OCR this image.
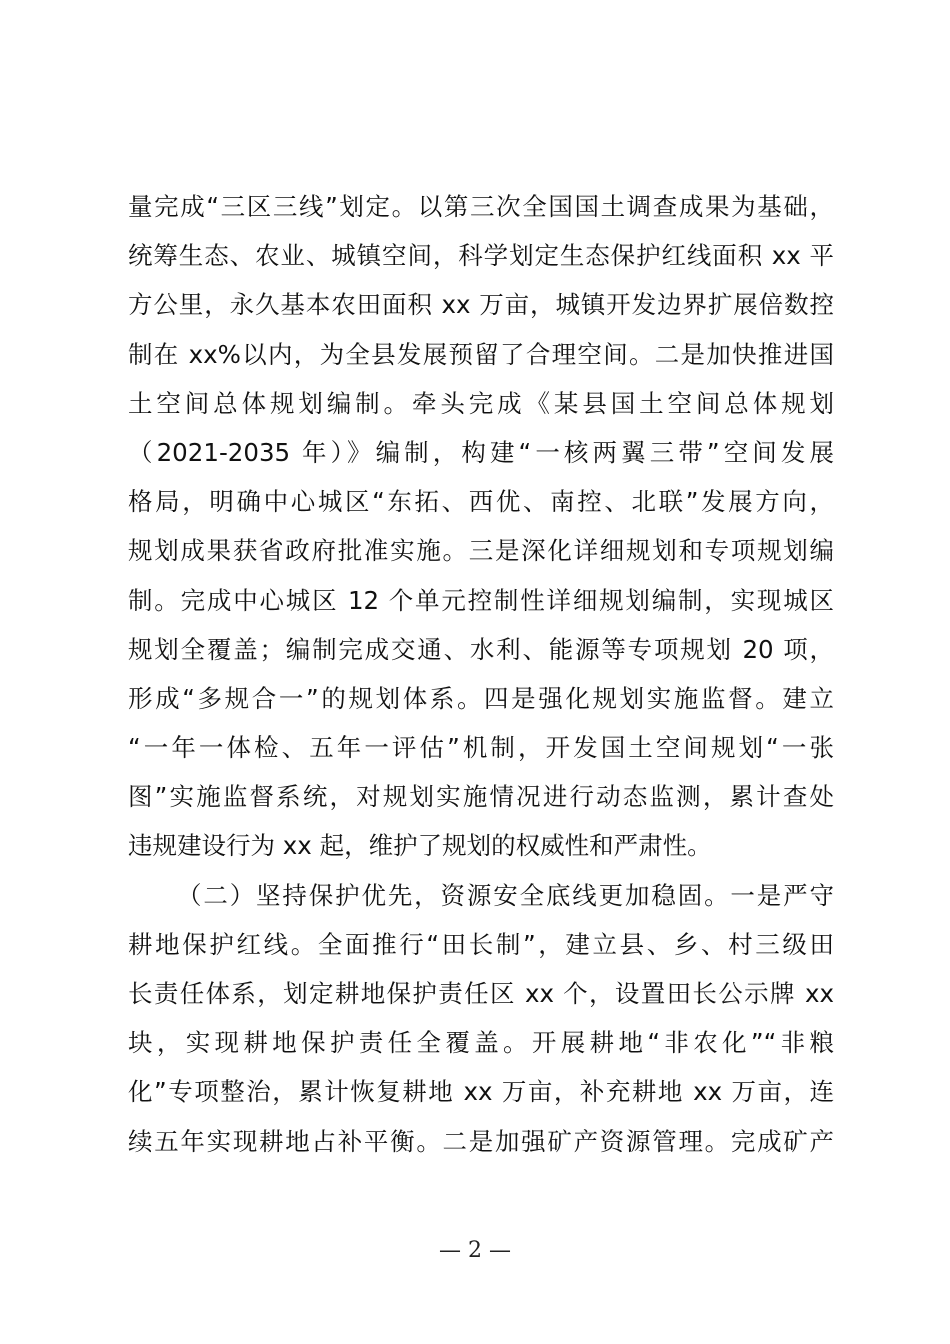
量完成“三区三线”划定。以第三次全国国土调查成果为基础，
统筹生态、农业、城镇空间，科学划定生态保护红线面积 xx 平
方公里，永久基本农田面积 xx 万亩，城镇开发边界扩展倍数控
制在 xx%以内，为全县发展预留了合理空间。二是加快推进国
土空间总体规划编制。牵头完成《某县国土空间总体规划
（2021-2035 年）》编制，构建“一核两翼三带”空间发展
格局，明确中心城区“东拓、西优、南控、北联”发展方向，
规划成果获省政府批准实施。三是深化详细规划和专项规划编
制。完成中心城区 12 个单元控制性详细规划编制，实现城区
规划全覆盖；编制完成交通、水利、能源等专项规划 20 项，
形成“多规合一”的规划体系。四是强化规划实施监督。建立
“一年一体检、五年一评估”机制，开发国土空间规划“一张
图”实施监督系统，对规划实施情况进行动态监测，累计查处
违规建设行为 xx 起，维护了规划的权威性和严肃性。
（二）坚持保护优先，资源安全底线更加稳固。一是严守
耕地保护红线。全面推行“田长制”，建立县、乡、村三级田
长责任体系，划定耕地保护责任区 xx 个，设置田长公示牌 xx
块，实现耕地保护责任全覆盖。开展耕地“非农化”“非粮
化”专项整治，累计恢复耕地 xx 万亩，补充耕地 xx 万亩，连
续五年实现耕地占补平衡。二是加强矿产资源管理。完成矿产
— 2 —
